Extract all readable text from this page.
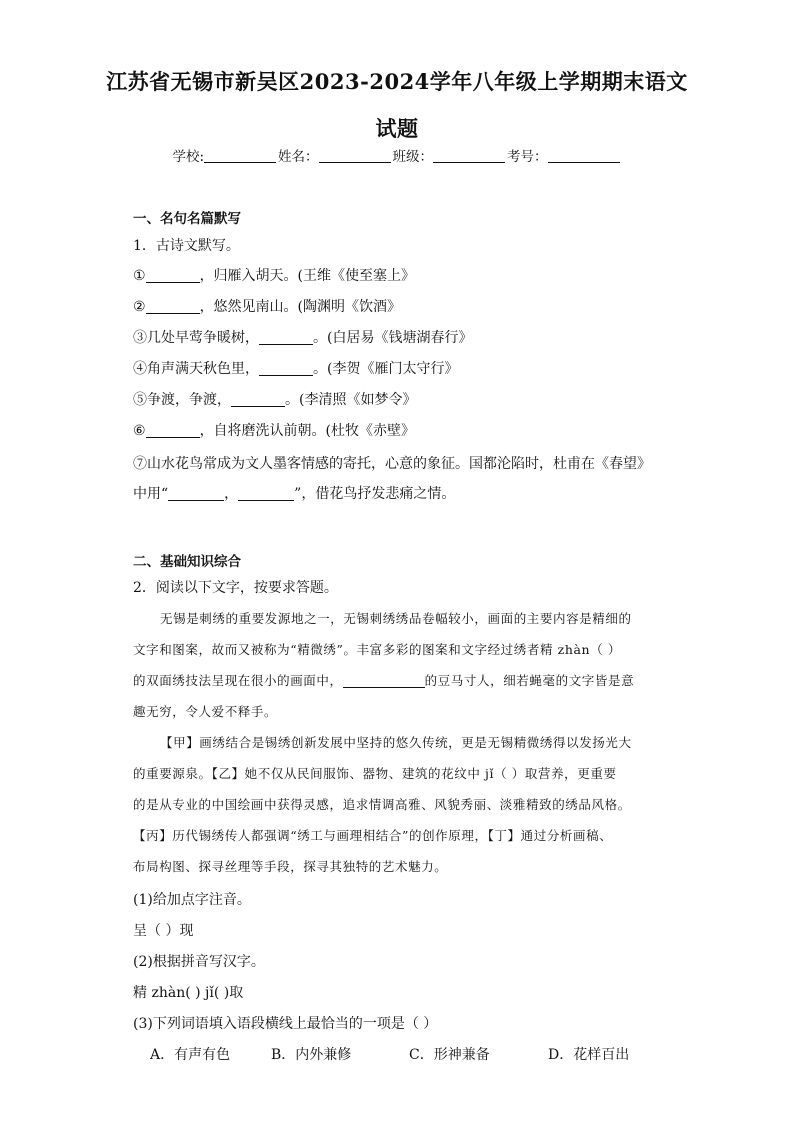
江苏省无锡市新吴区2023-2024学年八年级上学期期末语文
试题
学校:	姓名：	班级：	考号：
一、名句名篇默写
1．古诗文默写。
①	，归雁入胡天。(王维《使至塞上》
②	，悠然见南山。(陶渊明《饮酒》
③几处早莺争暖树，	。(白居易《钱塘湖春行》
④角声满天秋色里，	。(李贺《雁门太守行》
⑤争渡，争渡，	。(李清照《如梦令》
⑥	，自将磨洗认前朝。(杜牧《赤壁》
⑦山水花鸟常成为文人墨客情感的寄托，心意的象征。国都沦陷时，杜甫在《春望》
中用“	，	”，借花鸟抒发悲痛之情。
二、基础知识综合
2．阅读以下文字，按要求答题。
无锡是刺绣的重要发源地之一，无锡刺绣绣品卷幅较小，画面的主要内容是精细的
文字和图案，故而又被称为“精微绣”。丰富多彩的图案和文字经过绣者精 zhàn（ ）
的双面绣技法呈现在很小的画面中，	的豆马寸人，细若蝇毫的文字皆是意
趣无穷，令人爱不释手。
【甲】画绣结合是锡绣创新发展中坚持的悠久传统，更是无锡精微绣得以发扬光大
的重要源泉。【乙】她不仅从民间服饰、器物、建筑的花纹中 jǐ（ ）取营养，更重要
的是从专业的中国绘画中获得灵感，追求情调高雅、风貌秀丽、淡雅精致的绣品风格。
【丙】历代锡绣传人都强调“绣工与画理相结合”的创作原理，【丁】通过分析画稿、
布局构图、探寻丝理等手段，探寻其独特的艺术魅力。
(1)给加点字注音。
呈（ ）现
(2)根据拼音写汉字。
精 zhàn( ) jǐ( )取
(3)下列词语填入语段横线上最恰当的一项是（ ）
A．有声有色	B．内外兼修	C．形神兼备	D．花样百出
